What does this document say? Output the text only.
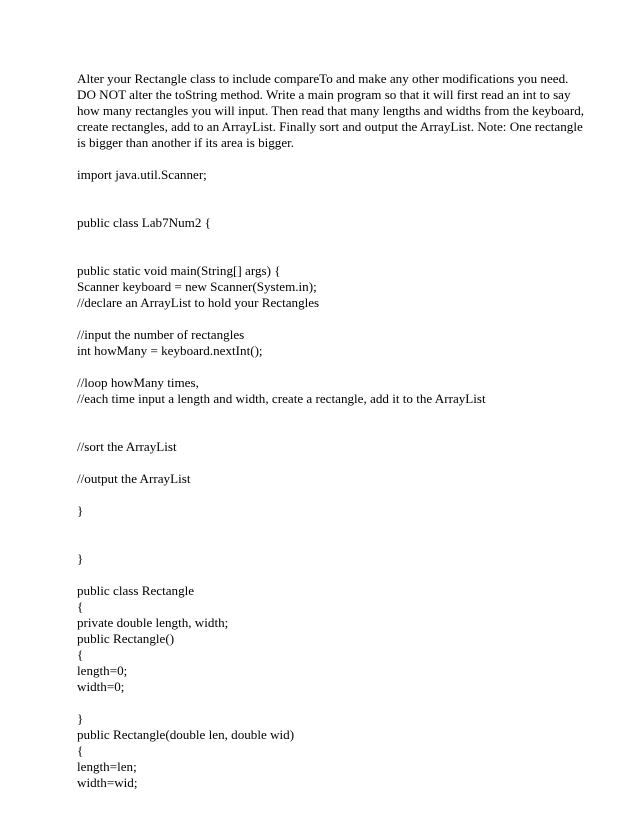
Alter your Rectangle class to include compareTo and make any other modifications you need.
DO NOT alter the toString method. Write a main program so that it will first read an int to say
how many rectangles you will input. Then read that many lengths and widths from the keyboard,
create rectangles, add to an ArrayList. Finally sort and output the ArrayList. Note: One rectangle
is bigger than another if its area is bigger.
import java.util.Scanner;
public class Lab7Num2 {
public static void main(String[] args) {
Scanner keyboard = new Scanner(System.in);
//declare an ArrayList to hold your Rectangles
//input the number of rectangles
int howMany = keyboard.nextInt();
//loop howMany times,
//each time input a length and width, create a rectangle, add it to the ArrayList
//sort the ArrayList
//output the ArrayList
}
}
public class Rectangle
{
private double length, width;
public Rectangle()
{
length=0;
width=0;
}
public Rectangle(double len, double wid)
{
length=len;
width=wid;
